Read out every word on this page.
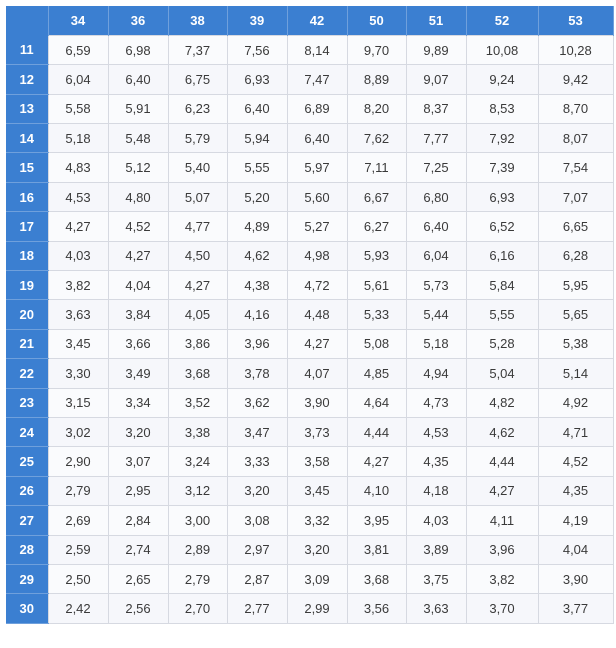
	34	36	38	39	42	50	51	52	53
11	6,59	6,98	7,37	7,56	8,14	9,70	9,89	10,08	10,28
12	6,04	6,40	6,75	6,93	7,47	8,89	9,07	9,24	9,42
13	5,58	5,91	6,23	6,40	6,89	8,20	8,37	8,53	8,70
14	5,18	5,48	5,79	5,94	6,40	7,62	7,77	7,92	8,07
15	4,83	5,12	5,40	5,55	5,97	7,11	7,25	7,39	7,54
16	4,53	4,80	5,07	5,20	5,60	6,67	6,80	6,93	7,07
17	4,27	4,52	4,77	4,89	5,27	6,27	6,40	6,52	6,65
18	4,03	4,27	4,50	4,62	4,98	5,93	6,04	6,16	6,28
19	3,82	4,04	4,27	4,38	4,72	5,61	5,73	5,84	5,95
20	3,63	3,84	4,05	4,16	4,48	5,33	5,44	5,55	5,65
21	3,45	3,66	3,86	3,96	4,27	5,08	5,18	5,28	5,38
22	3,30	3,49	3,68	3,78	4,07	4,85	4,94	5,04	5,14
23	3,15	3,34	3,52	3,62	3,90	4,64	4,73	4,82	4,92
24	3,02	3,20	3,38	3,47	3,73	4,44	4,53	4,62	4,71
25	2,90	3,07	3,24	3,33	3,58	4,27	4,35	4,44	4,52
26	2,79	2,95	3,12	3,20	3,45	4,10	4,18	4,27	4,35
27	2,69	2,84	3,00	3,08	3,32	3,95	4,03	4,11	4,19
28	2,59	2,74	2,89	2,97	3,20	3,81	3,89	3,96	4,04
29	2,50	2,65	2,79	2,87	3,09	3,68	3,75	3,82	3,90
30	2,42	2,56	2,70	2,77	2,99	3,56	3,63	3,70	3,77
